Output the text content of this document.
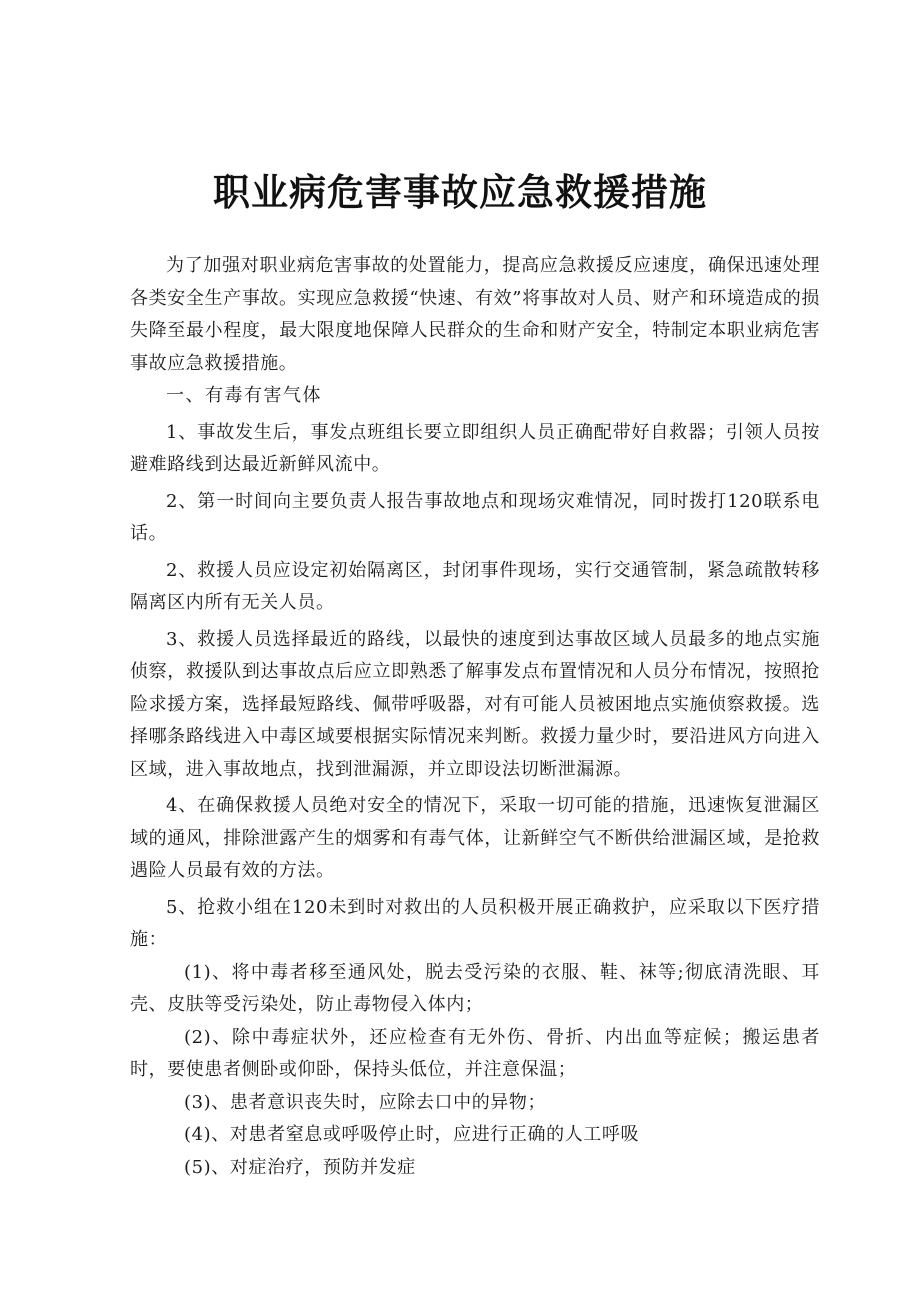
职业病危害事故应急救援措施

为了加强对职业病危害事故的处置能力，提高应急救援反应速度，确保迅速处理各类安全生产事故。实现应急救援“快速、有效”将事故对人员、财产和环境造成的损失降至最小程度，最大限度地保障人民群众的生命和财产安全，特制定本职业病危害事故应急救援措施。

一、有毒有害气体

1、事故发生后，事发点班组长要立即组织人员正确配带好自救器；引领人员按避难路线到达最近新鲜风流中。

2、第一时间向主要负责人报告事故地点和现场灾难情况，同时拨打120联系电话。

2、救援人员应设定初始隔离区，封闭事件现场，实行交通管制，紧急疏散转移隔离区内所有无关人员。

3、救援人员选择最近的路线，以最快的速度到达事故区域人员最多的地点实施侦察，救援队到达事故点后应立即熟悉了解事发点布置情况和人员分布情况，按照抢险求援方案，选择最短路线、佩带呼吸器，对有可能人员被困地点实施侦察救援。选择哪条路线进入中毒区域要根据实际情况来判断。救援力量少时，要沿进风方向进入区域，进入事故地点，找到泄漏源，并立即设法切断泄漏源。

4、在确保救援人员绝对安全的情况下，采取一切可能的措施，迅速恢复泄漏区域的通风，排除泄露产生的烟雾和有毒气体，让新鲜空气不断供给泄漏区域，是抢救遇险人员最有效的方法。

5、抢救小组在120未到时对救出的人员积极开展正确救护，应采取以下医疗措施：

(1)、将中毒者移至通风处，脱去受污染的衣服、鞋、袜等;彻底清洗眼、耳壳、皮肤等受污染处，防止毒物侵入体内；

(2)、除中毒症状外，还应检查有无外伤、骨折、内出血等症候；搬运患者时，要使患者侧卧或仰卧，保持头低位，并注意保温；

(3)、患者意识丧失时，应除去口中的异物；

(4)、对患者窒息或呼吸停止时，应进行正确的人工呼吸

(5)、对症治疗，预防并发症
